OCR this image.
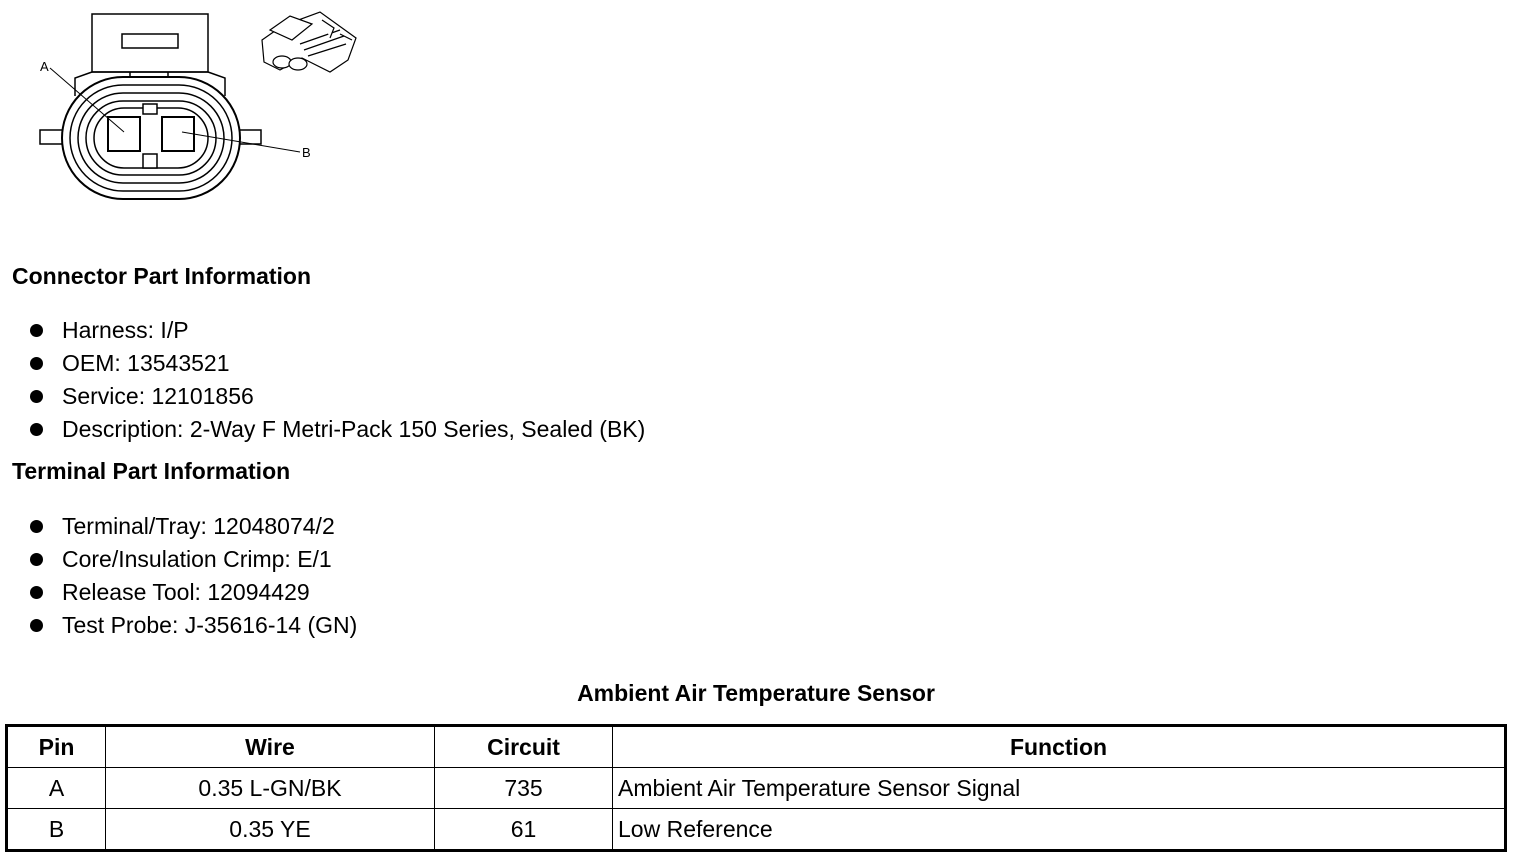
A
B
Connector Part Information
Harness: I/P
OEM: 13543521
Service: 12101856
Description: 2-Way F Metri-Pack 150 Series, Sealed (BK)
Terminal Part Information
Terminal/Tray: 12048074/2
Core/Insulation Crimp: E/1
Release Tool: 12094429
Test Probe: J-35616-14 (GN)
Ambient Air Temperature Sensor
Pin	Wire	Circuit	Function
A	0.35 L-GN/BK	735	Ambient Air Temperature Sensor Signal
B	0.35 YE	61	Low Reference
